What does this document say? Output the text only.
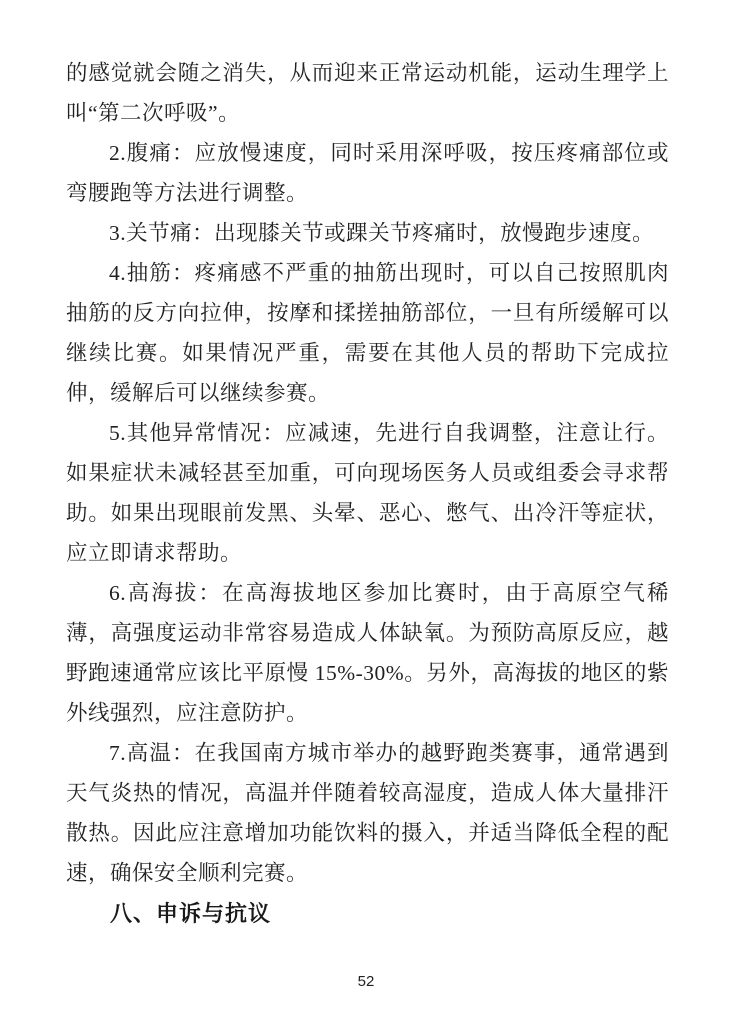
的感觉就会随之消失，从而迎来正常运动机能，运动生理学上叫“第二次呼吸”。

2.腹痛：应放慢速度，同时采用深呼吸，按压疼痛部位或弯腰跑等方法进行调整。

3.关节痛：出现膝关节或踝关节疼痛时，放慢跑步速度。

4.抽筋：疼痛感不严重的抽筋出现时，可以自己按照肌肉抽筋的反方向拉伸，按摩和揉搓抽筋部位，一旦有所缓解可以继续比赛。如果情况严重，需要在其他人员的帮助下完成拉伸，缓解后可以继续参赛。

5.其他异常情况：应减速，先进行自我调整，注意让行。如果症状未减轻甚至加重，可向现场医务人员或组委会寻求帮助。如果出现眼前发黑、头晕、恶心、憋气、出冷汗等症状，应立即请求帮助。

6.高海拔：在高海拔地区参加比赛时，由于高原空气稀薄，高强度运动非常容易造成人体缺氧。为预防高原反应，越野跑速通常应该比平原慢 15%-30%。另外，高海拔的地区的紫外线强烈，应注意防护。

7.高温：在我国南方城市举办的越野跑类赛事，通常遇到天气炎热的情况，高温并伴随着较高湿度，造成人体大量排汗散热。因此应注意增加功能饮料的摄入，并适当降低全程的配速，确保安全顺利完赛。

八、申诉与抗议
52
